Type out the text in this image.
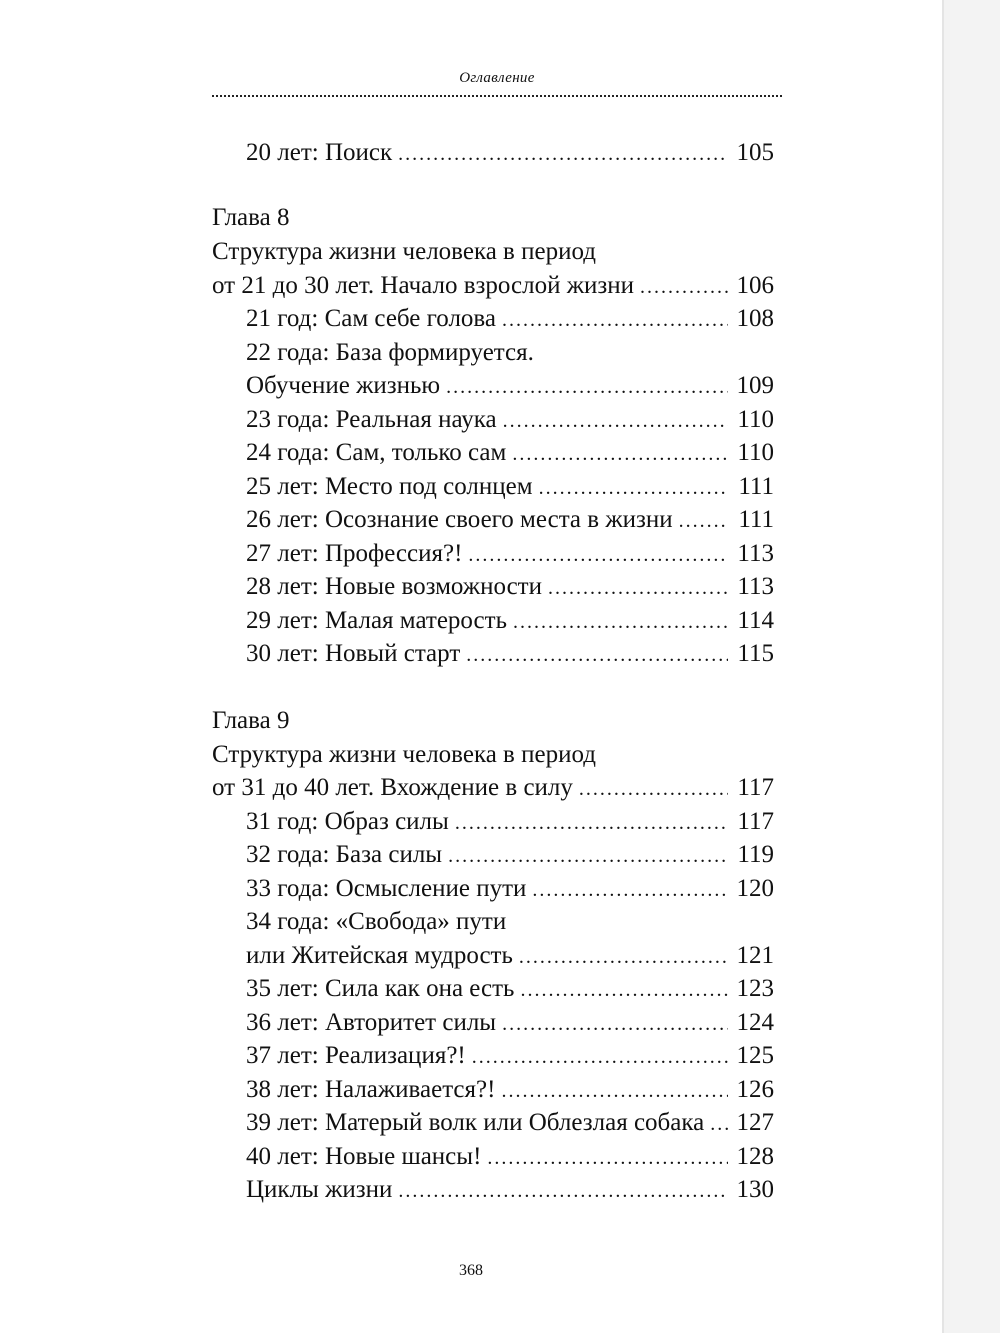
Оглавление
20 лет: Поиск .....	105
Глава 8
Структура жизни человека в период
от 21 до 30 лет. Начало взрослой жизни .....	106
21 год: Сам себе голова .....	108
22 года: База формируется.
Обучение жизнью .....	109
23 года: Реальная наука .....	110
24 года: Сам, только сам .....	110
25 лет: Место под солнцем .....	111
26 лет: Осознание своего места в жизни .....	111
27 лет: Профессия?! .....	113
28 лет: Новые возможности .....	113
29 лет: Малая матерость .....	114
30 лет: Новый старт .....	115
Глава 9
Структура жизни человека в период
от 31 до 40 лет. Вхождение в силу .....	117
31 год: Образ силы .....	117
32 года: База силы .....	119
33 года: Осмысление пути .....	120
34 года: «Свобода» пути
или Житейская мудрость .....	121
35 лет: Сила как она есть .....	123
36 лет: Авторитет силы .....	124
37 лет: Реализация?! .....	125
38 лет: Налаживается?! .....	126
39 лет: Матерый волк или Облезлая собака ..... 127
40 лет: Новые шансы! .....	128
Циклы жизни .....	130
368
